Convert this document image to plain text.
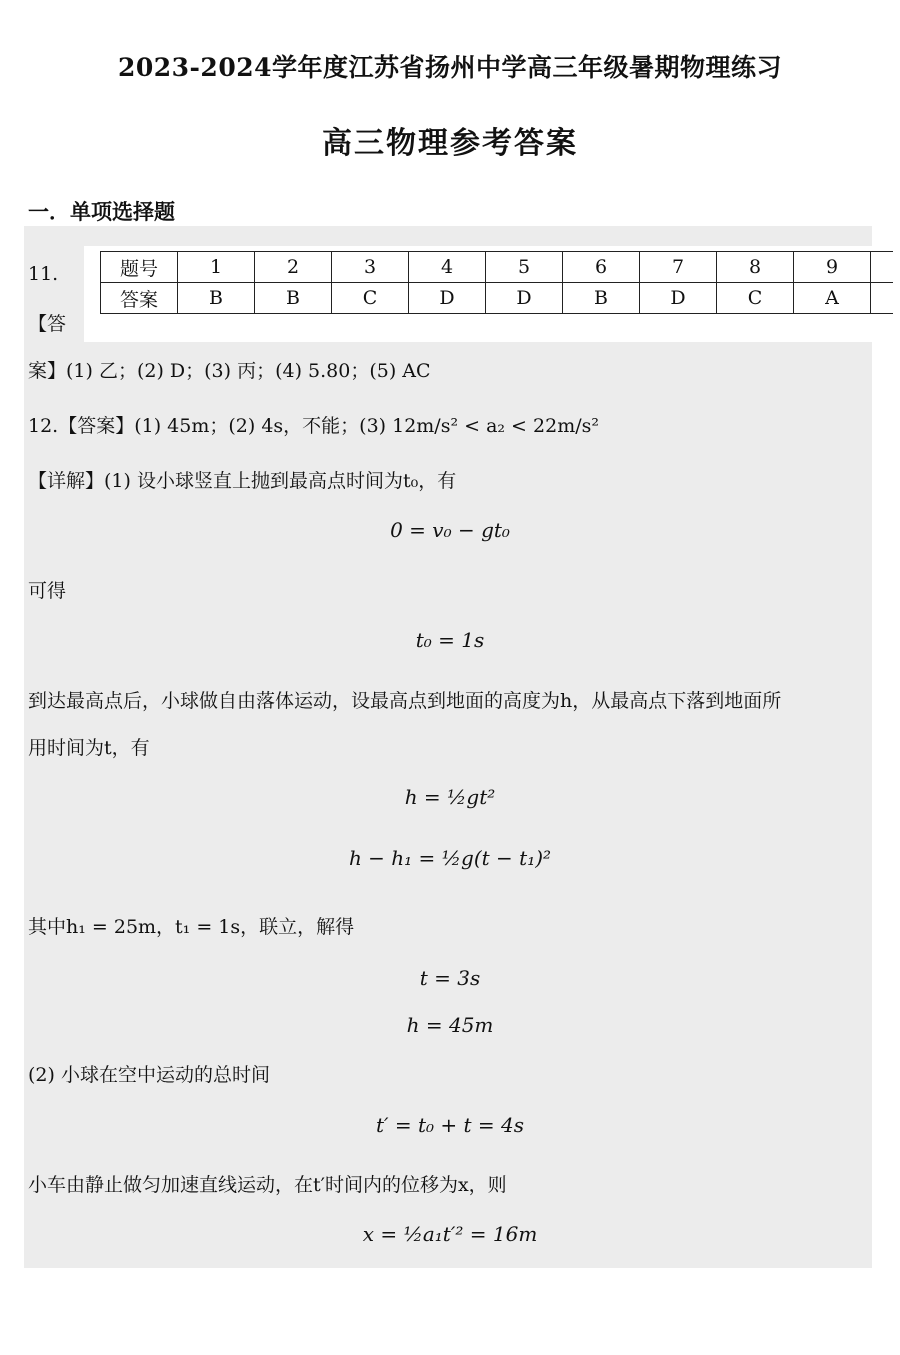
2023-2024学年度江苏省扬州中学高三年级暑期物理练习
高三物理参考答案
一．单项选择题
题号	1	2	3	4	5	6	7	8	9	
答案	B	B	C	D	D	B	D	C	A	
11.
【答
案】(1) 乙；(2) D；(3) 丙；(4) 5.80；(5) AC
12.【答案】(1) 45m；(2) 4s，不能；(3) 12m/s² < a₂ < 22m/s²
【详解】(1) 设小球竖直上抛到最高点时间为t₀，有
0 = v₀ − gt₀
可得
t₀ = 1s
到达最高点后，小球做自由落体运动，设最高点到地面的高度为h，从最高点下落到地面所
用时间为t，有
h = ½gt²
h − h₁ = ½g(t − t₁)²
其中h₁ = 25m，t₁ = 1s，联立，解得
t = 3s
h = 45m
(2) 小球在空中运动的总时间
t′ = t₀ + t = 4s
小车由静止做匀加速直线运动，在t′时间内的位移为x，则
x = ½a₁t′² = 16m
